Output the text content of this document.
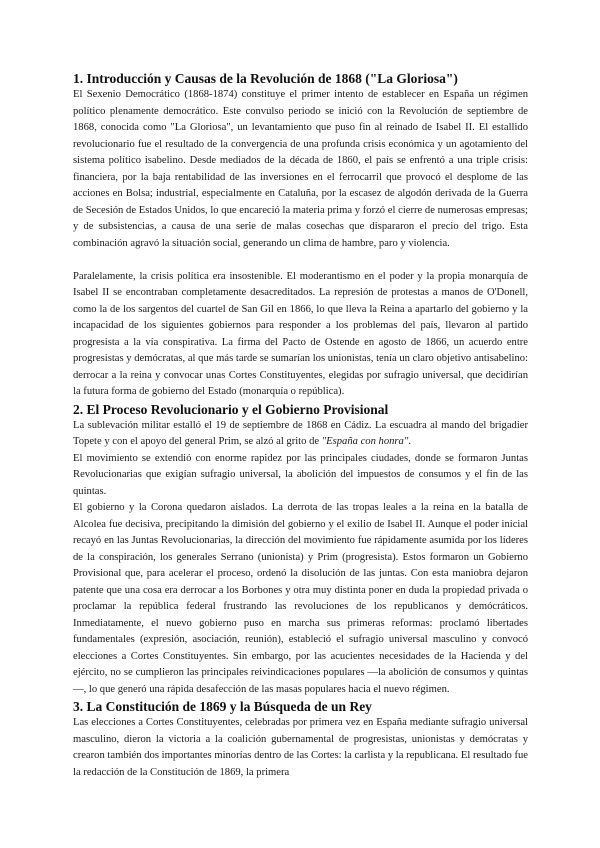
1. Introducción y Causas de la Revolución de 1868 ("La Gloriosa")

El Sexenio Democrático (1868-1874) constituye el primer intento de establecer en España un régimen político plenamente democrático. Este convulso periodo se inició con la Revolución de septiembre de 1868, conocida como "La Gloriosa", un levantamiento que puso fin al reinado de Isabel II. El estallido revolucionario fue el resultado de la convergencia de una profunda crisis económica y un agotamiento del sistema político isabelino. Desde mediados de la década de 1860, el país se enfrentó a una triple crisis: financiera, por la baja rentabilidad de las inversiones en el ferrocarril que provocó el desplome de las acciones en Bolsa; industrial, especialmente en Cataluña, por la escasez de algodón derivada de la Guerra de Secesión de Estados Unidos, lo que encareció la materia prima y forzó el cierre de numerosas empresas; y de subsistencias, a causa de una serie de malas cosechas que dispararon el precio del trigo. Esta combinación agravó la situación social, generando un clima de hambre, paro y violencia.

Paralelamente, la crisis política era insostenible. El moderantismo en el poder y la propia monarquía de Isabel II se encontraban completamente desacreditados. La represión de protestas a manos de O'Donell, como la de los sargentos del cuartel de San Gil en 1866, lo que lleva la Reina a apartarlo del gobierno y la incapacidad de los siguientes gobiernos para responder a los problemas del país, llevaron al partido progresista a la vía conspirativa. La firma del Pacto de Ostende en agosto de 1866, un acuerdo entre progresistas y demócratas, al que más tarde se sumarían los unionistas, tenía un claro objetivo antisabelino: derrocar a la reina y convocar unas Cortes Constituyentes, elegidas por sufragio universal, que decidirían la futura forma de gobierno del Estado (monarquía o república).

2. El Proceso Revolucionario y el Gobierno Provisional

La sublevación militar estalló el 19 de septiembre de 1868 en Cádiz. La escuadra al mando del brigadier Topete y con el apoyo del general Prim, se alzó al grito de "España con honra".

El movimiento se extendió con enorme rapidez por las principales ciudades, donde se formaron Juntas Revolucionarias que exigían sufragio universal, la abolición del impuestos de consumos y el fin de las quintas.

El gobierno y la Corona quedaron aislados. La derrota de las tropas leales a la reina en la batalla de Alcolea fue decisiva, precipitando la dimisión del gobierno y el exilio de Isabel II. Aunque el poder inicial recayó en las Juntas Revolucionarias, la dirección del movimiento fue rápidamente asumida por los líderes de la conspiración, los generales Serrano (unionista) y Prim (progresista). Estos formaron un Gobierno Provisional que, para acelerar el proceso, ordenó la disolución de las juntas. Con esta maniobra dejaron patente que una cosa era derrocar a los Borbones y otra muy distinta poner en duda la propiedad privada o proclamar la república federal frustrando las revoluciones de los republicanos y demócráticos. Inmediatamente, el nuevo gobierno puso en marcha sus primeras reformas: proclamó libertades fundamentales (expresión, asociación, reunión), estableció el sufragio universal masculino y convocó elecciones a Cortes Constituyentes. Sin embargo, por las acucientes necesidades de la Hacienda y del ejército, no se cumplieron las principales reivindicaciones populares —la abolición de consumos y quintas—, lo que generó una rápida desafección de las masas populares hacia el nuevo régimen.

3. La Constitución de 1869 y la Búsqueda de un Rey

Las elecciones a Cortes Constituyentes, celebradas por primera vez en España mediante sufragio universal masculino, dieron la victoria a la coalición gubernamental de progresistas, unionistas y demócratas y crearon también dos importantes minorías dentro de las Cortes: la carlista y la republicana. El resultado fue la redacción de la Constitución de 1869, la primera
